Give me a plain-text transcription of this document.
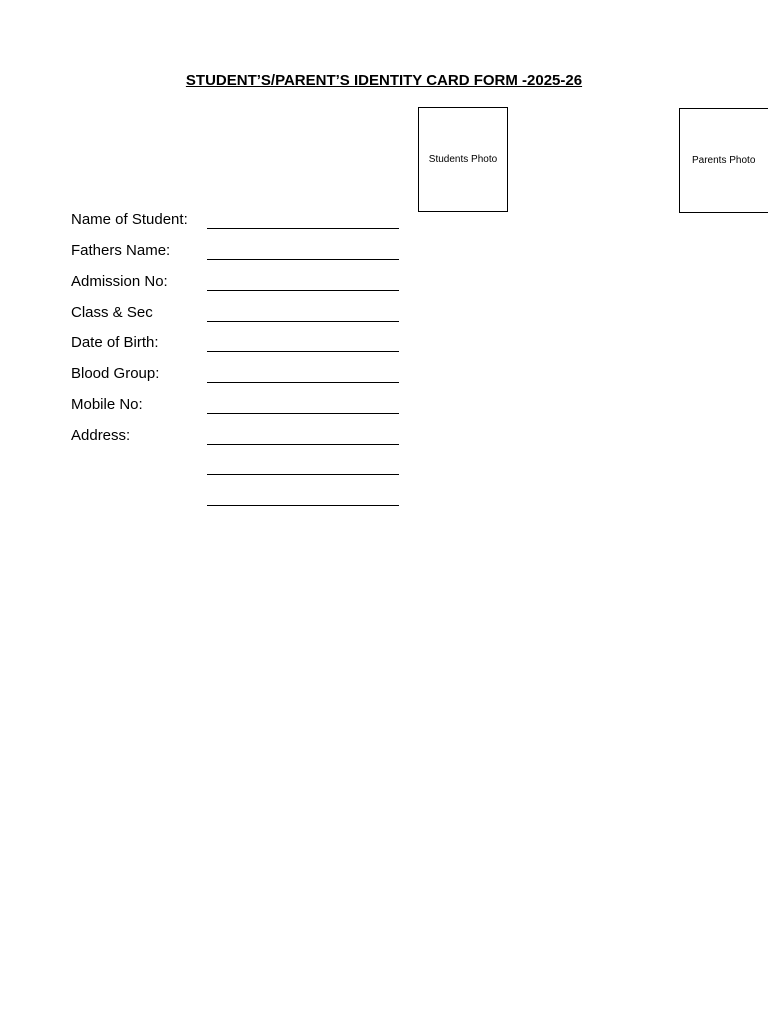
STUDENT’S/PARENT’S IDENTITY CARD FORM -2025-26
Students Photo	Parents Photo
Name of Student:
Fathers Name:
Admission No:
Class & Sec
Date of Birth:
Blood Group:
Mobile No:
Address:
